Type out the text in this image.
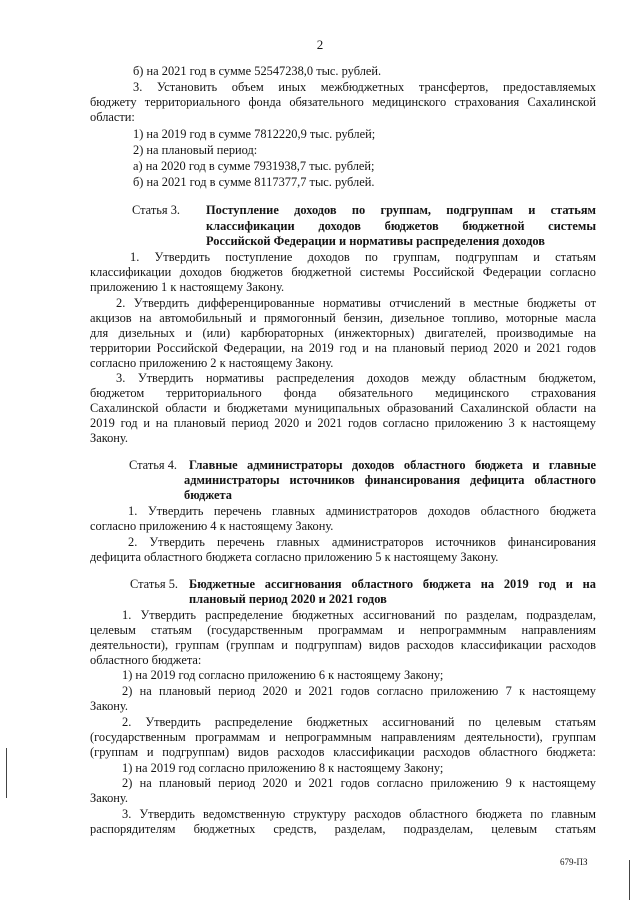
2
б) на 2021 год в сумме 52547238,0 тыс. рублей.
3. Установить объем иных межбюджетных трансфертов, предоставляемых
бюджету территориального фонда обязательного медицинского страхования Сахалинской
области:
1) на 2019 год в сумме 7812220,9 тыс. рублей;
2) на плановый период:
а) на 2020 год в сумме 7931938,7 тыс. рублей;
б) на 2021 год в сумме 8117377,7 тыс. рублей.
Статья 3. Поступление доходов по группам, подгруппам и статьям
классификации доходов бюджетов бюджетной системы
Российской Федерации и нормативы распределения доходов
1. Утвердить поступление доходов по группам, подгруппам и статьям
классификации доходов бюджетов бюджетной системы Российской Федерации согласно
приложению 1 к настоящему Закону.
2. Утвердить дифференцированные нормативы отчислений в местные бюджеты от
акцизов на автомобильный и прямогонный бензин, дизельное топливо, моторные масла
для дизельных и (или) карбюраторных (инжекторных) двигателей, производимые на
территории Российской Федерации, на 2019 год и на плановый период 2020 и 2021 годов
согласно приложению 2 к настоящему Закону.
3. Утвердить нормативы распределения доходов между областным бюджетом,
бюджетом территориального фонда обязательного медицинского страхования
Сахалинской области и бюджетами муниципальных образований Сахалинской области на
2019 год и на плановый период 2020 и 2021 годов согласно приложению 3 к настоящему
Закону.
Статья 4. Главные администраторы доходов областного бюджета и главные
администраторы источников финансирования дефицита областного
бюджета
1. Утвердить перечень главных администраторов доходов областного бюджета
согласно приложению 4 к настоящему Закону.
2. Утвердить перечень главных администраторов источников финансирования
дефицита областного бюджета согласно приложению 5 к настоящему Закону.
Статья 5. Бюджетные ассигнования областного бюджета на 2019 год и на
плановый период 2020 и 2021 годов
1. Утвердить распределение бюджетных ассигнований по разделам, подразделам,
целевым статьям (государственным программам и непрограммным направлениям
деятельности), группам (группам и подгруппам) видов расходов классификации расходов
областного бюджета:
1) на 2019 год согласно приложению 6 к настоящему Закону;
2) на плановый период 2020 и 2021 годов согласно приложению 7 к настоящему
Закону.
2. Утвердить распределение бюджетных ассигнований по целевым статьям
(государственным программам и непрограммным направлениям деятельности), группам
(группам и подгруппам) видов расходов классификации расходов областного бюджета:
1) на 2019 год согласно приложению 8 к настоящему Закону;
2) на плановый период 2020 и 2021 годов согласно приложению 9 к настоящему
Закону.
3. Утвердить ведомственную структуру расходов областного бюджета по главным
распорядителям бюджетных средств, разделам, подразделам, целевым статьям
679-ПЗ
